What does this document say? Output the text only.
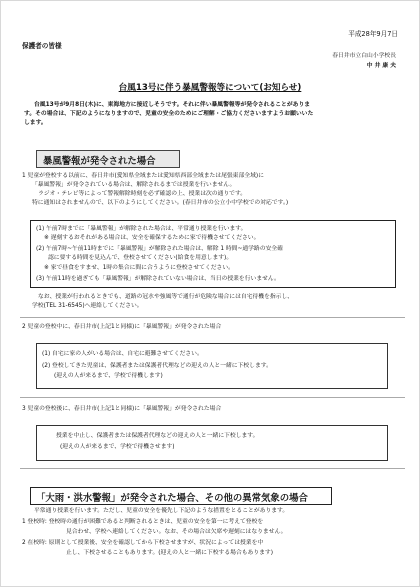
平成28年9月7日
保護者の皆様
春日井市立白山小学校長
中 井 康 夫
台風13号に伴う暴風警報等について(お知らせ)
台風13号が9月8日(木)に、東海地方に接近しそうです。それに伴い暴風警報等が発令されることがありま
す。その場合は、下記のようになりますので、児童の安全のためにご理解・ご協力くださいますようお願いいた
します。
暴風警報が発令された場合
1 児童が登校する以前に、春日井市(愛知県全域または愛知県西部全域または尾張東部全域)に
「暴風警報」が発令されている場合は、解除されるまでは授業を行いません。
ラジオ・テレビ等によって警報解除時刻を必ず確認の上、授業は次の通りです。
特に通知はされませんので、以下のようにしてください。(春日井市の公立小中学校での対応です。)
(1) 午前7時までに「暴風警報」が解除された場合は、平常通り授業を行います。
※ 遅刻するおそれがある場合は、安全を確保するために家で待機させてください。
(2) 午前7時~午前11時までに「暴風警報」が解除された場合は、解除 1 時間~通学路の安全確
認に要する時間を見込んで、登校させてください(給食を用意します)。
※ 家で昼食をすませ、1時の集合に間に合うように登校させてください。
(3) 午前11時を過ぎても「暴風警報」が解除されていない場合は、当日の授業を行いません。
なお、授業が行われるときでも、道路の冠水や強風等で通行が危険な場合には自宅待機を指示し、
学校(TEL 31-6545)へ連絡してください。
2 児童の登校中に、春日井市(上記1と同様)に「暴風警報」が発令された場合
(1) 自宅に家の人がいる場合は、自宅に避難させてください。
(2) 登校してきた児童は、保護者または保護者代理などの迎えの人と一緒に下校します。
(迎えの人が来るまで、学校で待機します)
3 児童の登校後に、春日井市(上記1と同様)に「暴風警報」が発令された場合
授業を中止し、保護者または保護者代理などの迎えの人と一緒に下校します。
(迎えの人が来るまで、学校で待機させます)
「大雨・洪水警報」が発令された場合、その他の異常気象の場合
平常通り授業を行います。ただし、児童の安全を優先し下記のような措置をとることがあります。
1 登校時: 登校時の通行が困難であると判断されるときは、児童の安全を第一に考えて登校を
見合わせ、学校へ連絡してください。なお、その場合は欠席や遅刻にはなりません。
2 在校時: 原則として授業後、安全を確認してから下校させますが、状況によっては授業を中
止し、下校させることもあります。(迎えの人と一緒に下校する場合もあります)
